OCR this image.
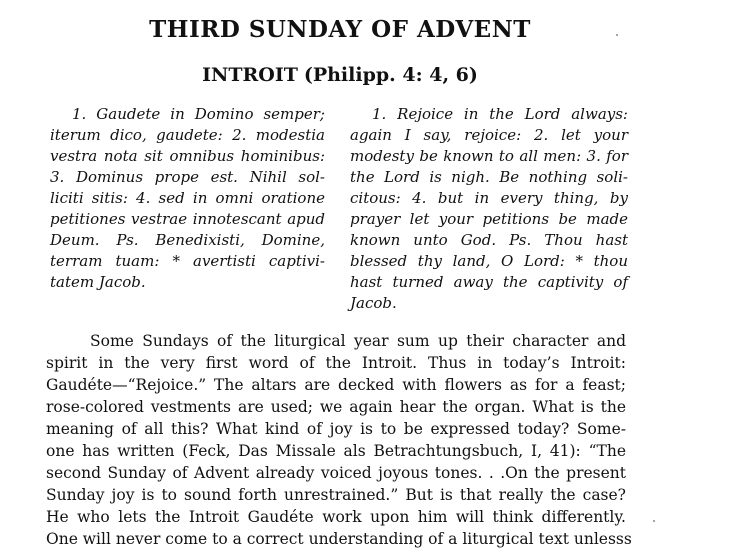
THIRD SUNDAY OF ADVENT
INTROIT (Philipp. 4: 4, 6)
1. Gaudete in Domino semper;
iterum dico, gaudete: 2. modestia
vestra nota sit omnibus hominibus:
3. Dominus prope est. Nihil sol-
liciti sitis: 4. sed in omni oratione
petitiones vestrae innotescant apud
Deum. Ps. Benedixisti, Domine,
terram tuam: * avertisti captivi-
tatem Jacob.
1. Rejoice in the Lord always:
again I say, rejoice: 2. let your
modesty be known to all men: 3. for
the Lord is nigh. Be nothing soli-
citous: 4. but in every thing, by
prayer let your petitions be made
known unto God. Ps. Thou hast
blessed thy land, O Lord: * thou
hast turned away the captivity of
Jacob.
Some Sundays of the liturgical year sum up their character and
spirit in the very first word of the Introit. Thus in today’s Introit:
Gaudéte—“Rejoice.” The altars are decked with flowers as for a feast;
rose-colored vestments are used; we again hear the organ. What is the
meaning of all this? What kind of joy is to be expressed today? Some-
one has written (Feck, Das Missale als Betrachtungsbuch, I, 41): “The
second Sunday of Advent already voiced joyous tones. . .On the present
Sunday joy is to sound forth unrestrained.” But is that really the case?
He who lets the Introit Gaudéte work upon him will think differently.
One will never come to a correct understanding of a liturgical text unlesss
